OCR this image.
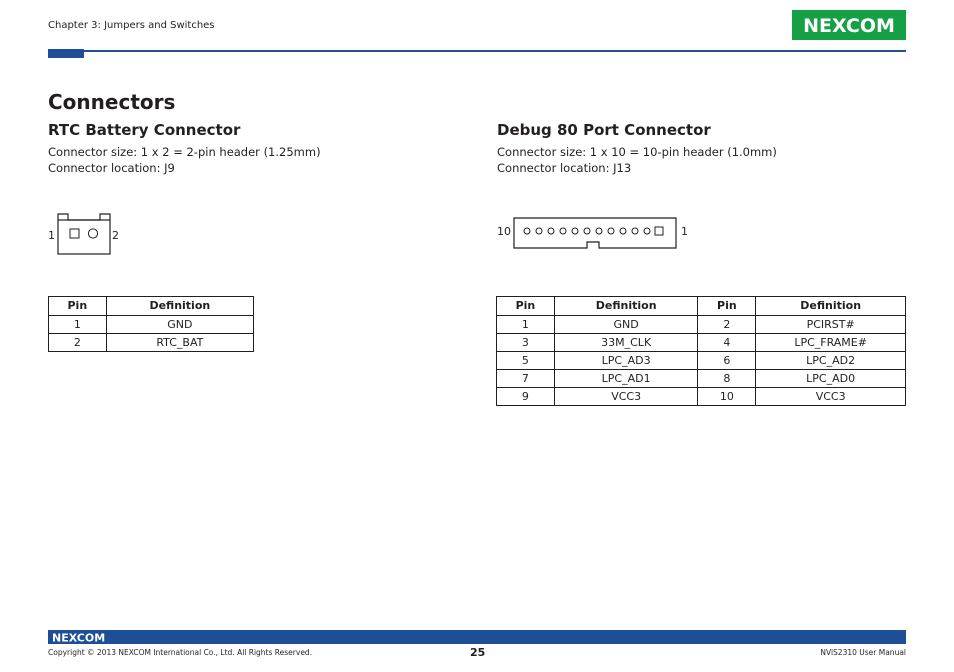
Chapter 3: Jumpers and Switches	NEXCOM
Connectors
RTC Battery Connector
Connector size: 1 x 2 = 2-pin header (1.25mm)
Connector location: J9
1	2
Pin	Definition
1	GND
2	RTC_BAT
Debug 80 Port Connector
Connector size: 1 x 10 = 10-pin header (1.0mm)
Connector location: J13
10	1
Pin	Definition	Pin	Definition
1	GND	2	PCIRST#
3	33M_CLK	4	LPC_FRAME#
5	LPC_AD3	6	LPC_AD2
7	LPC_AD1	8	LPC_AD0
9	VCC3	10	VCC3
NEXCOM
Copyright © 2013 NEXCOM International Co., Ltd. All Rights Reserved.	25	NViS2310 User Manual
